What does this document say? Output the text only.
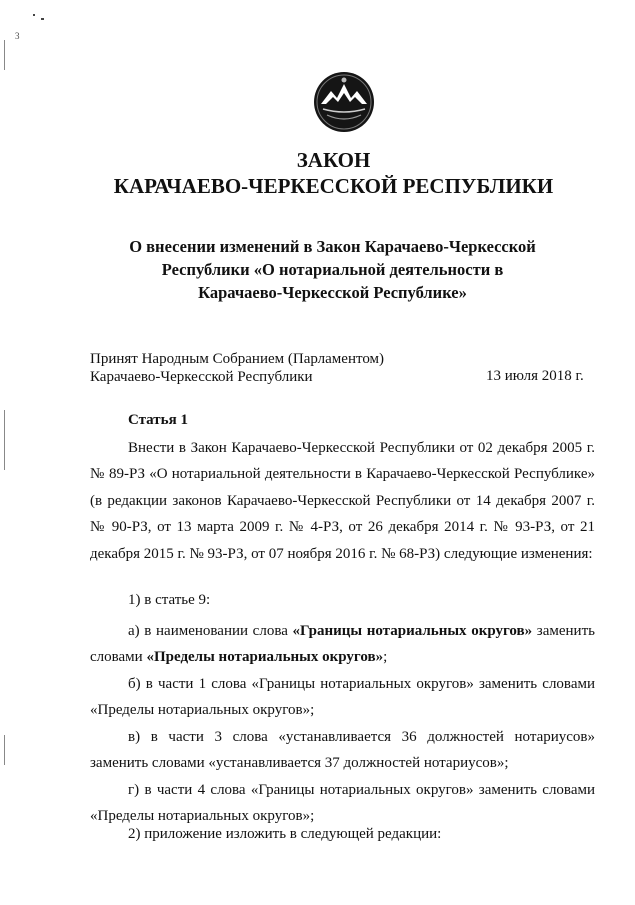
3
ЗАКОН
КАРАЧАЕВО-ЧЕРКЕССКОЙ РЕСПУБЛИКИ
О внесении изменений в Закон Карачаево-Черкесской
Республики «О нотариальной деятельности в
Карачаево-Черкесской Республике»
Принят Народным Собранием (Парламентом)
Карачаево-Черкесской Республики	13 июля 2018 г.
Статья 1

Внести в Закон Карачаево-Черкесской Республики от 02 декабря 2005 г. № 89-РЗ «О нотариальной деятельности в Карачаево-Черкесской Республике» (в редакции законов Карачаево-Черкесской Республики от 14 декабря 2007 г. № 90-РЗ, от 13 марта 2009 г. № 4-РЗ, от 26 декабря 2014 г. № 93-РЗ, от 21 декабря 2015 г. № 93-РЗ, от 07 ноября 2016 г. № 68-РЗ) следующие изменения:

1) в статье 9:

а) в наименовании слова «Границы нотариальных округов» заменить словами «Пределы нотариальных округов»;

б) в части 1 слова «Границы нотариальных округов» заменить словами «Пределы нотариальных округов»;

в) в части 3 слова «устанавливается 36 должностей нотариусов» заменить словами «устанавливается 37 должностей нотариусов»;

г) в части 4 слова «Границы нотариальных округов» заменить словами «Пределы нотариальных округов»;

2) приложение изложить в следующей редакции:
